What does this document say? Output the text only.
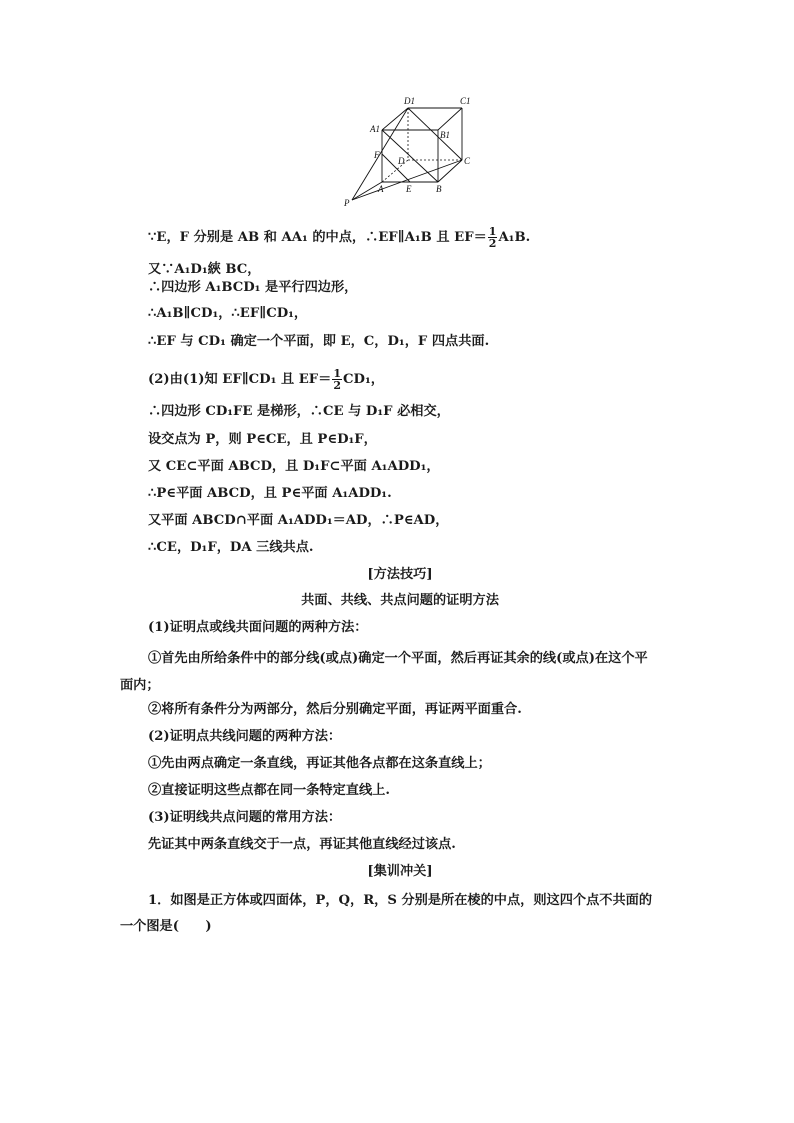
D1	C1
A1
B1
F
D	C
A	E	B
P
∵E，F 分别是 AB 和 AA₁ 的中点，∴EF∥A₁B 且 $EF= \frac{1}{2} A_1B$.
又∵A₁D₁綊 BC，
∴四边形 A₁BCD₁ 是平行四边形，
∴A₁B∥CD₁，∴EF∥CD₁，
∴EF 与 CD₁ 确定一个平面，即 E，C，D₁，F 四点共面.
(2)由(1)知 EF∥CD₁ 且 $EF= \frac{1}{2} CD_1$，
∴四边形 CD₁FE 是梯形，∴CE 与 D₁F 必相交，
设交点为 P，则 P∈CE，且 P∈D₁F，
又 CE⊂平面 ABCD，且 D₁F⊂平面 A₁ADD₁，
∴P∈平面 ABCD，且 P∈平面 A₁ADD₁.
又平面 ABCD∩平面 A₁ADD₁＝AD，∴P∈AD，
∴CE，D₁F，DA 三线共点.
[方法技巧]
共面、共线、共点问题的证明方法
(1)证明点或线共面问题的两种方法：
①首先由所给条件中的部分线(或点)确定一个平面，然后再证其余的线(或点)在这个平面内；
②将所有条件分为两部分，然后分别确定平面，再证两平面重合.
(2)证明点共线问题的两种方法：
①先由两点确定一条直线，再证其他各点都在这条直线上；
②直接证明这些点都在同一条特定直线上.
(3)证明线共点问题的常用方法：
先证其中两条直线交于一点，再证其他直线经过该点.
[集训冲关]
1．如图是正方体或四面体，P，Q，R，S 分别是所在棱的中点，则这四个点不共面的一个图是(　　)
